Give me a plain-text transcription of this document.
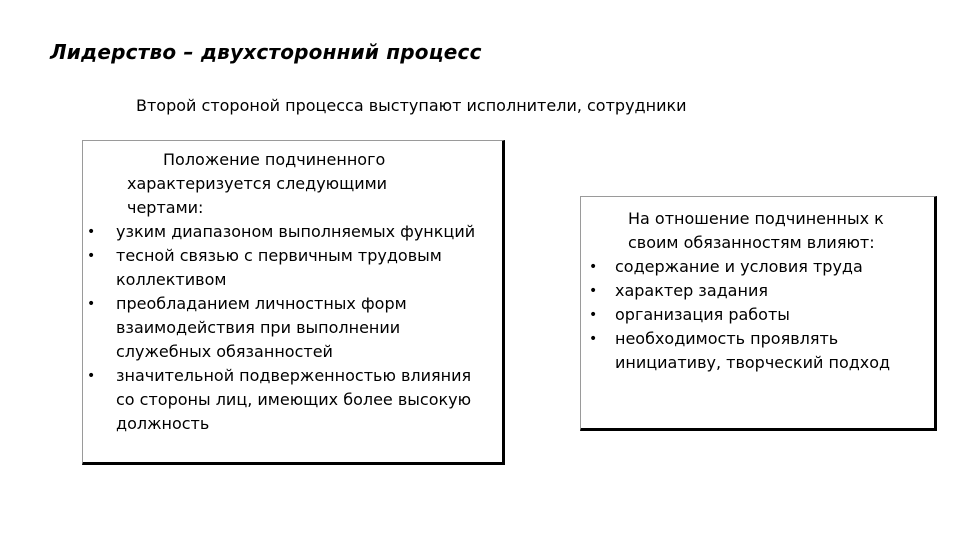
Лидерство – двухсторонний процесс
Второй стороной процесса выступают исполнители, сотрудники

Положение подчиненного характеризуется следующими чертами:

• узким диапазоном выполняемых функций
• тесной связью с первичным трудовым коллективом
• преобладанием личностных форм взаимодействия при выполнении служебных обязанностей
• значительной подверженностью влияния со стороны лиц, имеющих более высокую должность

На отношение подчиненных к своим обязанностям влияют:

• содержание и условия труда
• характер задания
• организация работы
• необходимость проявлять инициативу, творческий подход
